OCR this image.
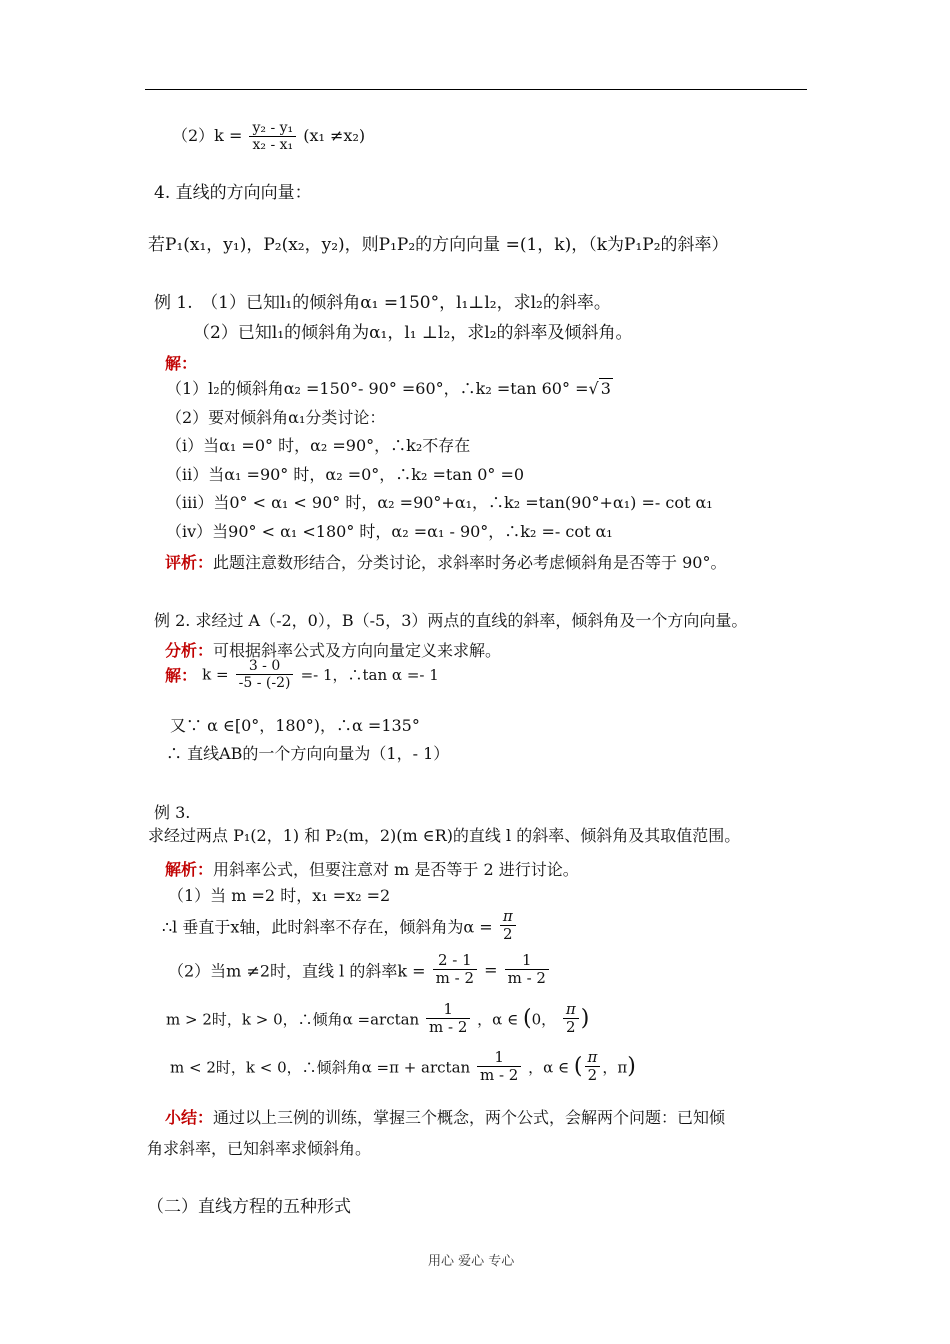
$(2)k = \frac{\text{y₂ - y₁}}{\text{x₂ - x₁}} (x_1 \ne x_2)$
4. 直线的方向向量：
若P₁(x₁，y₁)，P₂(x₂，y₂)，则P₁P₂的方向向量 =(1，k)，（k为P₁P₂的斜率）
例 1.　（1）已知l₁的倾斜角α₁ =150°，l₁⊥l₂，求l₂的斜率。
（2）已知l₁的倾斜角为α₁，l₁ ⊥l₂，求l₂的斜率及倾斜角。
解：
（1）l₂的倾斜角α₂ =150°- 90° =60°，∴k₂ =tan 60° =√ 3
（2）要对倾斜角α₁分类讨论：
（i）当α₁ =0° 时，α₂ =90°，∴k₂不存在
（ii）当α₁ =90° 时，α₂ =0°，∴k₂ =tan 0° =0
（iii）当0° < α₁ < 90° 时，α₂ =90°+α₁，∴k₂ =tan(90°+α₁) =- cot α₁
（iv）当90° < α₁ <180° 时，α₂ =α₁ - 90°，∴k₂ =- cot α₁
评析：此题注意数形结合，分类讨论，求斜率时务必考虑倾斜角是否等于 90°。
例 2. 求经过 A（-2，0），B（-5，3）两点的直线的斜率，倾斜角及一个方向向量。
分析：可根据斜率公式及方向向量定义来求解。
解： $k = \frac{3 - 0}{-5 - (-2)} =- 1$，∴tan α =- 1
又∵ α ∈[0°，180°)，∴α =135°
∴ 直线AB的一个方向向量为（1，- 1）
例 3.
求经过两点 P₁(2，1) 和 P₂(m，2)(m ∈R)的直线 l 的斜率、倾斜角及其取值范围。
解析：用斜率公式，但要注意对 m 是否等于 2 进行讨论。
（1）当 m =2 时，x₁ =x₂ =2
∴l 垂直于x轴，此时斜率不存在，倾斜角为$\alpha = \frac{\pi}{2}$
（2）当m ≠2时，直线 l 的斜率$k = \frac{2 - 1}{m - 2} = \frac{1}{m - 2}$
m > 2时，k > 0，∴倾角$\alpha =\arctan \frac{1}{m - 2}$ ，α ∈ (0， $\frac{\pi}{2}$ )
m < 2时，k < 0，∴倾斜角$\alpha =\pi + \arctan \frac{1}{m - 2}$ ，α ∈ ( $\frac{\pi}{2}$ ，π)
小结：通过以上三例的训练，掌握三个概念，两个公式，会解两个问题：已知倾
角求斜率，已知斜率求倾斜角。
（二）直线方程的五种形式
用心 爱心 专心
